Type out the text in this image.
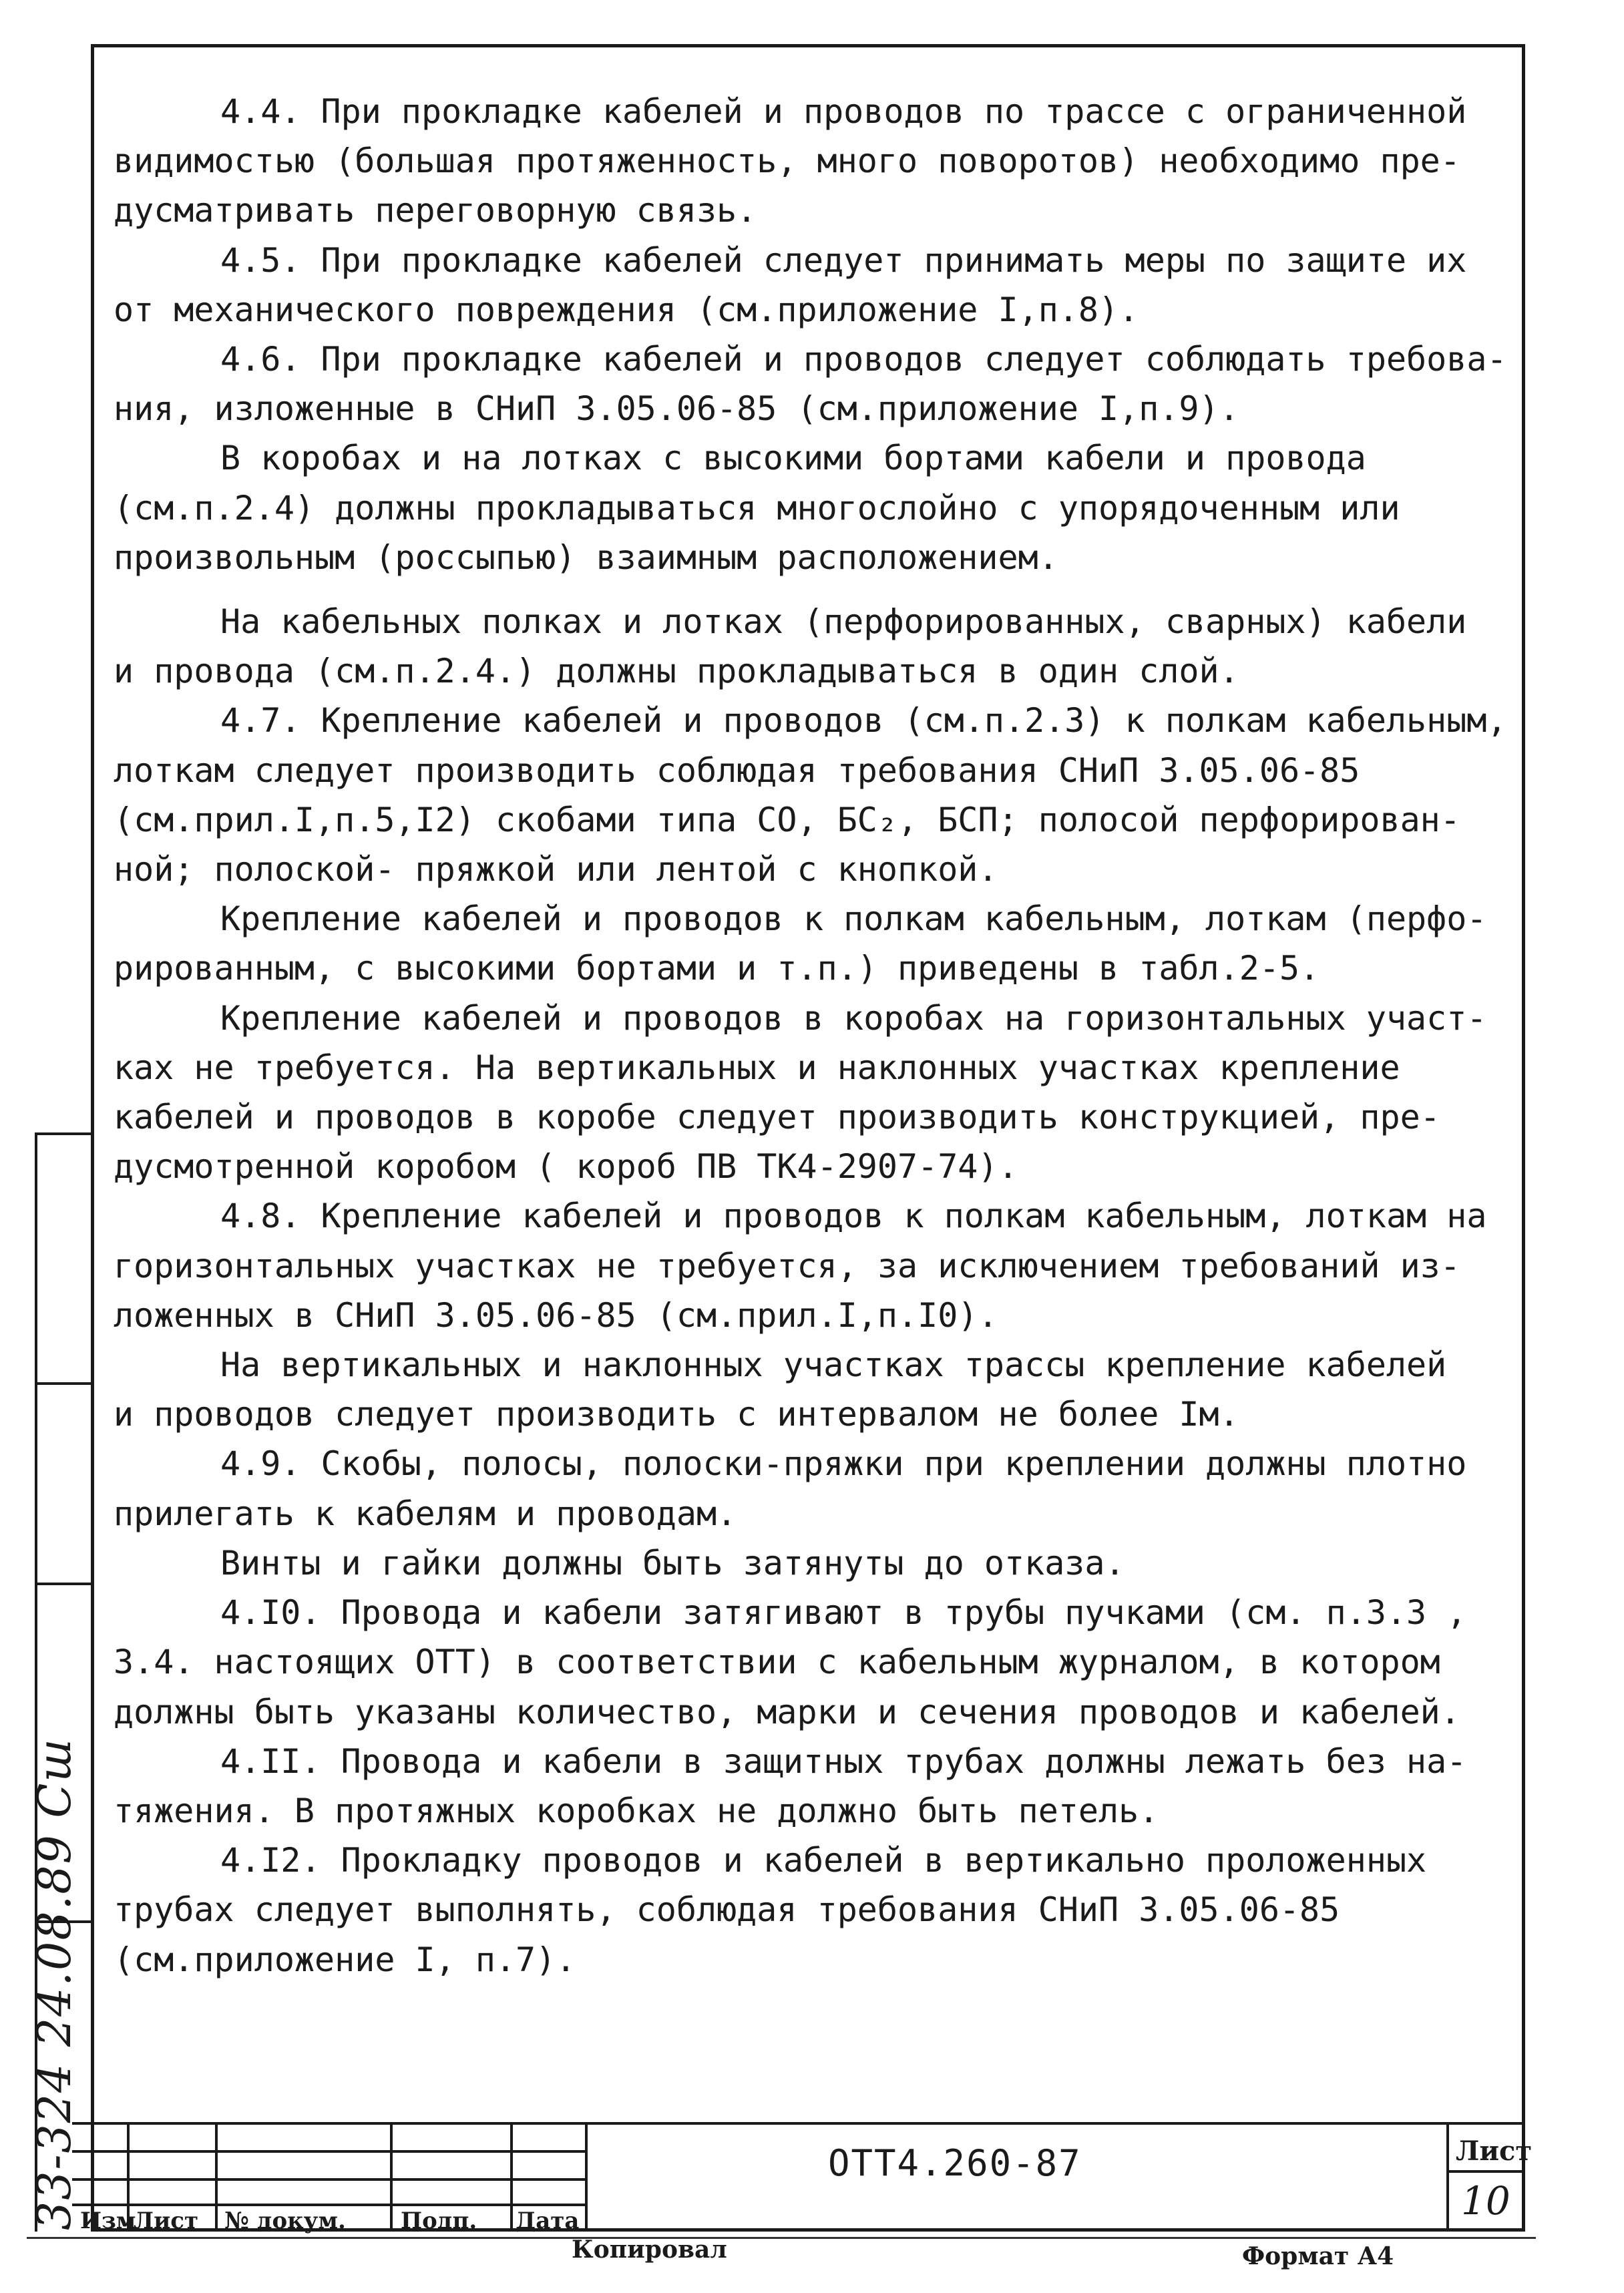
33-324 24.08.89 Сш
4.4. При прокладке кабелей и проводов по трассе с ограниченной
видимостью (большая протяженность, много поворотов) необходимо пре-
дусматривать переговорную связь.
4.5. При прокладке кабелей следует принимать меры по защите их
от механического повреждения (см.приложение I,п.8).
4.6. При прокладке кабелей и проводов следует соблюдать требова-
ния, изложенные в СНиП 3.05.06-85 (см.приложение I,п.9).
В коробах и на лотках с высокими бортами кабели и провода
(см.п.2.4) должны прокладываться многослойно с упорядоченным или
произвольным (россыпью) взаимным расположением.
На кабельных полках и лотках (перфорированных, сварных) кабели
и провода (см.п.2.4.) должны прокладываться в один слой.
4.7. Крепление кабелей и проводов (см.п.2.3) к полкам кабельным,
лоткам следует производить соблюдая требования СНиП 3.05.06-85
(см.прил.I,п.5,I2) скобами типа СО, БС₂, БСП; полосой перфорирован-
ной; полоской- пряжкой или лентой с кнопкой.
Крепление кабелей и проводов к полкам кабельным, лоткам (перфо-
рированным, с высокими бортами и т.п.) приведены в табл.2-5.
Крепление кабелей и проводов в коробах на горизонтальных участ-
ках не требуется. На вертикальных и наклонных участках крепление
кабелей и проводов в коробе следует производить конструкцией, пре-
дусмотренной коробом ( короб ПВ ТК4-2907-74).
4.8. Крепление кабелей и проводов к полкам кабельным, лоткам на
горизонтальных участках не требуется, за исключением требований из-
ложенных в СНиП 3.05.06-85 (см.прил.I,п.I0).
На вертикальных и наклонных участках трассы крепление кабелей
и проводов следует производить с интервалом не более Iм.
4.9. Скобы, полосы, полоски-пряжки при креплении должны плотно
прилегать к кабелям и проводам.
Винты и гайки должны быть затянуты до отказа.
4.I0. Провода и кабели затягивают в трубы пучками (см. п.3.3 ,
3.4. настоящих ОТТ) в соответствии с кабельным журналом, в котором
должны быть указаны количество, марки и сечения проводов и кабелей.
4.II. Провода и кабели в защитных трубах должны лежать без на-
тяжения. В протяжных коробках не должно быть петель.
4.I2. Прокладку проводов и кабелей в вертикально проложенных
трубах следует выполнять, соблюдая требования СНиП 3.05.06-85
(см.приложение I, п.7).
Изм
Лист № докум. Подп. Дата
ОТТ4.260-87	Лист
10
Копировал	Формат А4
